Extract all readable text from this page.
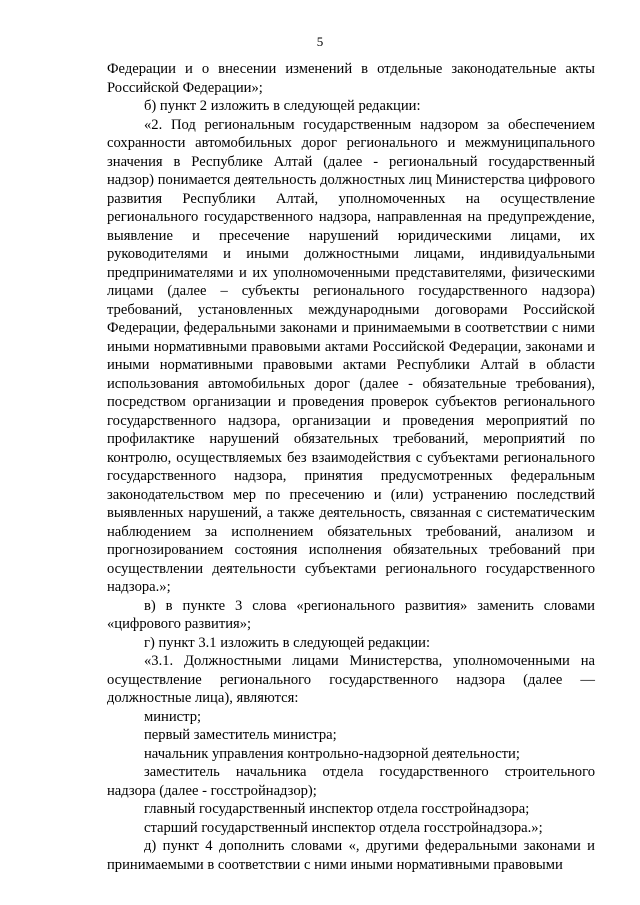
5

Федерации и о внесении изменений в отдельные законодательные акты Российской Федерации»;

б) пункт 2 изложить в следующей редакции:

«2. Под региональным государственным надзором за обеспечением сохранности автомобильных дорог регионального и межмуниципального значения в Республике Алтай (далее - региональный государственный надзор) понимается деятельность должностных лиц Министерства цифрового развития Республики Алтай, уполномоченных на осуществление регионального государственного надзора, направленная на предупреждение, выявление и пресечение нарушений юридическими лицами, их руководителями и иными должностными лицами, индивидуальными предпринимателями и их уполномоченными представителями, физическими лицами (далее – субъекты регионального государственного надзора) требований, установленных международными договорами Российской Федерации, федеральными законами и принимаемыми в соответствии с ними иными нормативными правовыми актами Российской Федерации, законами и иными нормативными правовыми актами Республики Алтай в области использования автомобильных дорог (далее - обязательные требования), посредством организации и проведения проверок субъектов регионального государственного надзора, организации и проведения мероприятий по профилактике нарушений обязательных требований, мероприятий по контролю, осуществляемых без взаимодействия с субъектами регионального государственного надзора, принятия предусмотренных федеральным законодательством мер по пресечению и (или) устранению последствий выявленных нарушений, а также деятельность, связанная с систематическим наблюдением за исполнением обязательных требований, анализом и прогнозированием состояния исполнения обязательных требований при осуществлении деятельности субъектами регионального государственного надзора.»;

в) в пункте 3 слова «регионального развития» заменить словами «цифрового развития»;

г) пункт 3.1 изложить в следующей редакции:

«3.1. Должностными лицами Министерства, уполномоченными на осуществление регионального государственного надзора (далее — должностные лица), являются:

министр;

первый заместитель министра;

начальник управления контрольно-надзорной деятельности;

заместитель начальника отдела государственного строительного надзора (далее - госстройнадзор);

главный государственный инспектор отдела госстройнадзора;

старший государственный инспектор отдела госстройнадзора.»;

д) пункт 4 дополнить словами «, другими федеральными законами и принимаемыми в соответствии с ними иными нормативными правовыми
